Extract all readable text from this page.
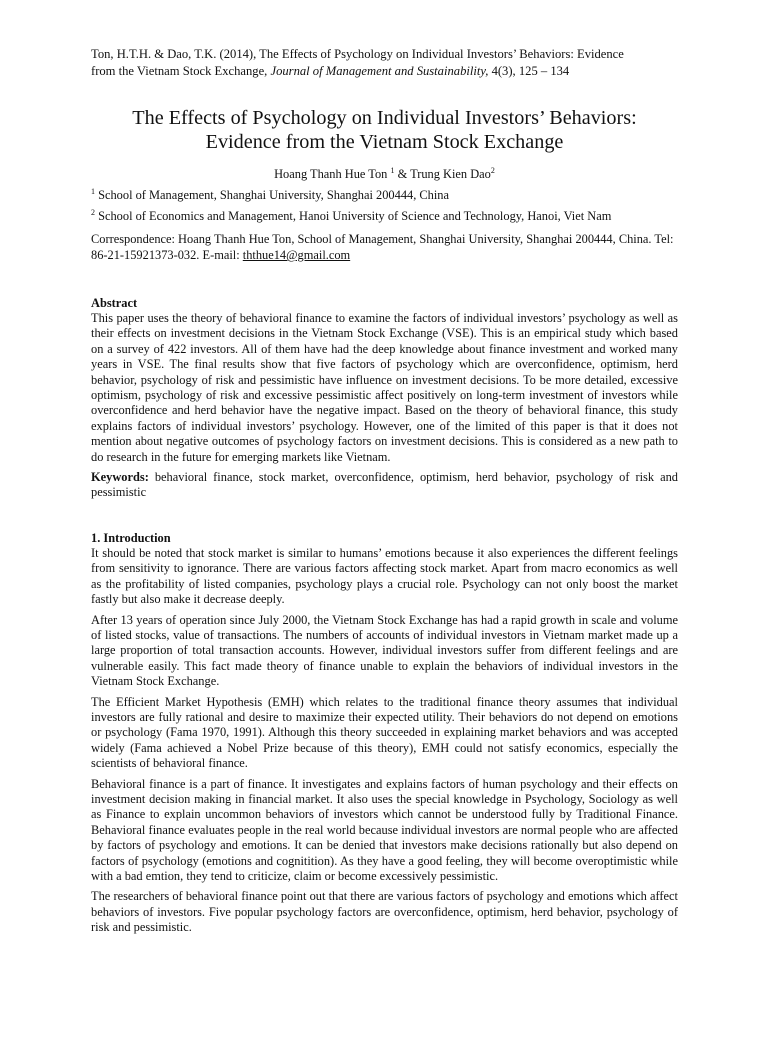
Ton, H.T.H. & Dao, T.K. (2014), The Effects of Psychology on Individual Investors’ Behaviors: Evidence

from the Vietnam Stock Exchange, Journal of Management and Sustainability, 4(3), 125 – 134

The Effects of Psychology on Individual Investors’ Behaviors:

Evidence from the Vietnam Stock Exchange

Hoang Thanh Hue Ton $^1$ & Trung Kien Dao$^2$

$^1$ School of Management, Shanghai University, Shanghai 200444, China

$^2$ School of Economics and Management, Hanoi University of Science and Technology, Hanoi, Viet Nam

Correspondence: Hoang Thanh Hue Ton, School of Management, Shanghai University, Shanghai 200444, China. Tel: 86-21-15921373-032. E-mail: ththue14@gmail.com

Abstract

This paper uses the theory of behavioral finance to examine the factors of individual investors’ psychology as well as their effects on investment decisions in the Vietnam Stock Exchange (VSE). This is an empirical study which based on a survey of 422 investors. All of them have had the deep knowledge about finance investment and worked many years in VSE. The final results show that five factors of psychology which are overconfidence, optimism, herd behavior, psychology of risk and pessimistic have influence on investment decisions. To be more detailed, excessive optimism, psychology of risk and excessive pessimistic affect positively on long-term investment of investors while overconfidence and herd behavior have the negative impact. Based on the theory of behavioral finance, this study explains factors of individual investors’ psychology. However, one of the limited of this paper is that it does not mention about negative outcomes of psychology factors on investment decisions. This is considered as a new path to do research in the future for emerging markets like Vietnam.

Keywords: behavioral finance, stock market, overconfidence, optimism, herd behavior, psychology of risk and pessimistic

1. Introduction

It should be noted that stock market is similar to humans’ emotions because it also experiences the different feelings from sensitivity to ignorance. There are various factors affecting stock market. Apart from macro economics as well as the profitability of listed companies, psychology plays a crucial role. Psychology can not only boost the market fastly but also make it decrease deeply.

After 13 years of operation since July 2000, the Vietnam Stock Exchange has had a rapid growth in scale and volume of listed stocks, value of transactions. The numbers of accounts of individual investors in Vietnam market made up a large proportion of total transaction accounts. However, individual investors suffer from different feelings and are vulnerable easily. This fact made theory of finance unable to explain the behaviors of individual investors in the Vietnam Stock Exchange.

The Efficient Market Hypothesis (EMH) which relates to the traditional finance theory assumes that individual investors are fully rational and desire to maximize their expected utility. Their behaviors do not depend on emotions or psychology (Fama 1970, 1991). Although this theory succeeded in explaining market behaviors and was accepted widely (Fama achieved a Nobel Prize because of this theory), EMH could not satisfy economics, especially the scientists of behavioral finance.

Behavioral finance is a part of finance. It investigates and explains factors of human psychology and their effects on investment decision making in financial market. It also uses the special knowledge in Psychology, Sociology as well as Finance to explain uncommon behaviors of investors which cannot be understood fully by Traditional Finance. Behavioral finance evaluates people in the real world because individual investors are normal people who are affected by factors of psychology and emotions. It can be denied that investors make decisions rationally but also depend on factors of psychology (emotions and cognitition). As they have a good feeling, they will become overoptimistic while with a bad emtion, they tend to criticize, claim or become excessively pessimistic.

The researchers of behavioral finance point out that there are various factors of psychology and emotions which affect behaviors of investors. Five popular psychology factors are overconfidence, optimism, herd behavior, psychology of risk and pessimistic.
